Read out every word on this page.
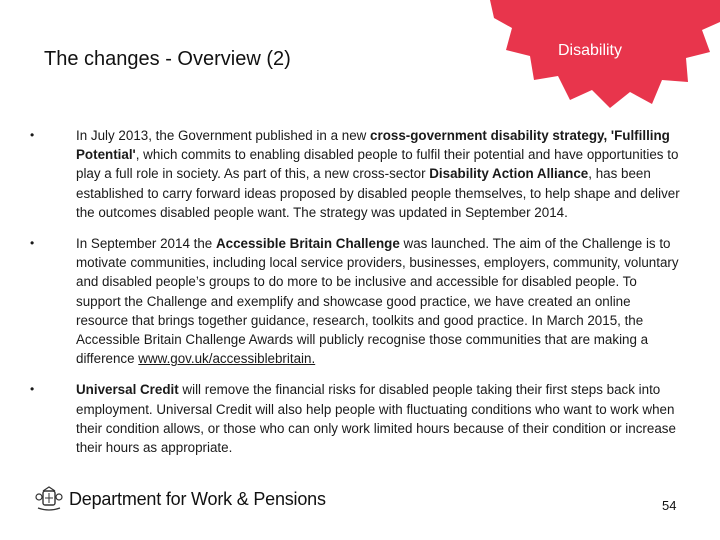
Disability
The changes - Overview (2)
•	In July 2013, the Government published in a new cross-government disability strategy, 'Fulfilling Potential', which commits to enabling disabled people to fulfil their potential and have opportunities to play a full role in society. As part of this, a new cross-sector Disability Action Alliance, has been established to carry forward ideas proposed by disabled people themselves, to help shape and deliver the outcomes disabled people want. The strategy was updated in September 2014.
•	In September 2014 the Accessible Britain Challenge was launched. The aim of the Challenge is to motivate communities, including local service providers, businesses, employers, community, voluntary and disabled people’s groups to do more to be inclusive and accessible for disabled people. To support the Challenge and exemplify and showcase good practice, we have created an online resource that brings together guidance, research, toolkits and good practice. In March 2015, the Accessible Britain Challenge Awards will publicly recognise those communities that are making a difference www.gov.uk/accessiblebritain.
•	Universal Credit will remove the financial risks for disabled people taking their first steps back into employment. Universal Credit will also help people with fluctuating conditions who want to work when their condition allows, or those who can only work limited hours because of their condition or increase their hours as appropriate.
Department for Work & Pensions	54
